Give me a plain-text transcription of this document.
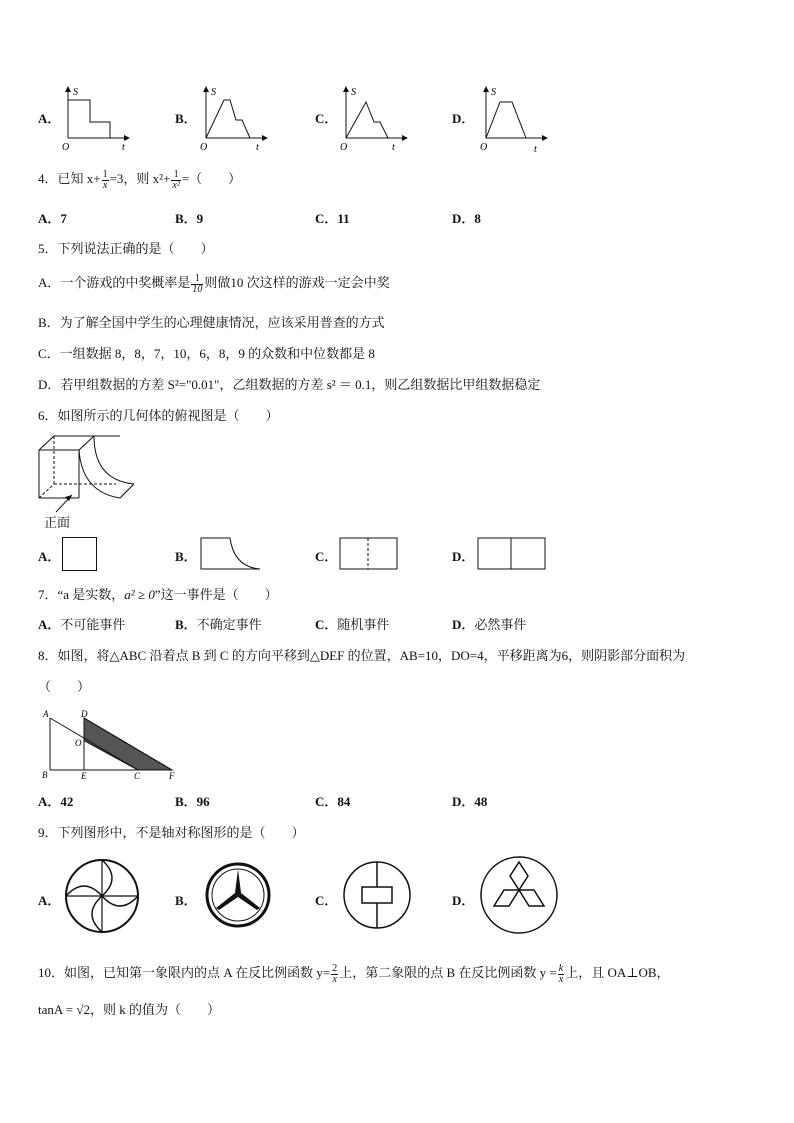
A．
S
t
O
B．
S
t
O
C．
S
t
O
D．
S
t
O
4．已知 $x+ \frac{1}{x} =3$，则 $x^2+ \frac{1}{\text{x²}}$ =（　　）
A．7	B．9	C．11	D．8
5．下列说法正确的是（　　）
A．一个游戏的中奖概率是 $\frac{1}{10}$ 则做10 次这样的游戏一定会中奖
B．为了解全国中学生的心理健康情况，应该采用普查的方式
C．一组数据 8，8，7，10，6，8，9 的众数和中位数都是 8
D．若甲组数据的方差 S²="0.01"，乙组数据的方差 s² ＝ 0.1，则乙组数据比甲组数据稳定
6．如图所示的几何体的俯视图是（　　）
正面
A．	B．	C．	D．
7．“a 是实数，a² ≥ 0”这一事件是（　　）
A．不可能事件	B．不确定事件	C．随机事件	D．必然事件
8．如图，将△ABC 沿着点 B 到 C 的方向平移到△DEF 的位置，AB=10，DO=4，平移距离为6，则阴影部分面积为
（　　）
A	D
O
B	E	C	F
A．42	B．96	C．84	D．48
9．下列图形中，不是轴对称图形的是（　　）
A．	B．	C．	D．
10．如图，已知第一象限内的点 A 在反比例函数 $y= \frac{2}{x}$ 上，第二象限的点 B 在反比例函数 $y = \frac{k}{x}$ 上，且 OA⊥OB，
tanA = √2，则 k 的值为（　　）
